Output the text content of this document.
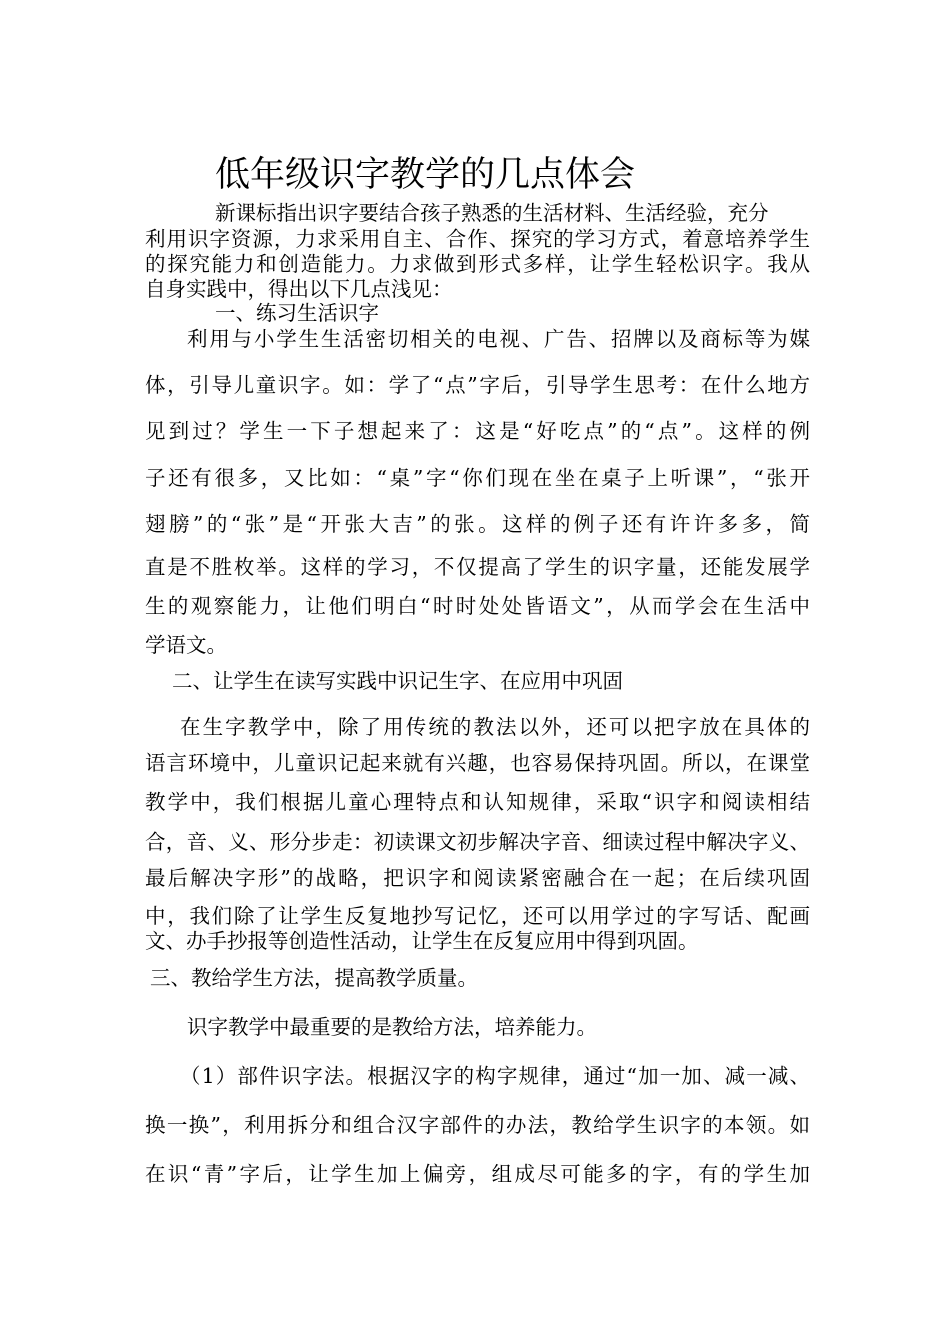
低年级识字教学的几点体会
新课标指出识字要结合孩子熟悉的生活材料、生活经验，充分
利用识字资源，力求采用自主、合作、探究的学习方式，着意培养学生
的探究能力和创造能力。力求做到形式多样，让学生轻松识字。我从
自身实践中，得出以下几点浅见：
一、练习生活识字
利用与小学生生活密切相关的电视、广告、招牌以及商标等为媒
体，引导儿童识字。如：学了“点”字后，引导学生思考：在什么地方
见到过？学生一下子想起来了：这是“好吃点”的“点”。这样的例
子还有很多，又比如：“桌”字“你们现在坐在桌子上听课”，“张开
翅膀”的“张”是“开张大吉”的张。这样的例子还有许许多多，简
直是不胜枚举。这样的学习，不仅提高了学生的识字量，还能发展学
生的观察能力，让他们明白“时时处处皆语文”，从而学会在生活中
学语文。
二、让学生在读写实践中识记生字、在应用中巩固
在生字教学中，除了用传统的教法以外，还可以把字放在具体的
语言环境中，儿童识记起来就有兴趣，也容易保持巩固。所以，在课堂
教学中，我们根据儿童心理特点和认知规律，采取“识字和阅读相结
合，音、义、形分步走：初读课文初步解决字音、细读过程中解决字义、
最后解决字形”的战略，把识字和阅读紧密融合在一起；在后续巩固
中，我们除了让学生反复地抄写记忆，还可以用学过的字写话、配画
文、办手抄报等创造性活动，让学生在反复应用中得到巩固。
三、教给学生方法，提高教学质量。
识字教学中最重要的是教给方法，培养能力。
（1）部件识字法。根据汉字的构字规律，通过“加一加、减一减、
换一换”，利用拆分和组合汉字部件的办法，教给学生识字的本领。如
在识“青”字后，让学生加上偏旁，组成尽可能多的字，有的学生加
